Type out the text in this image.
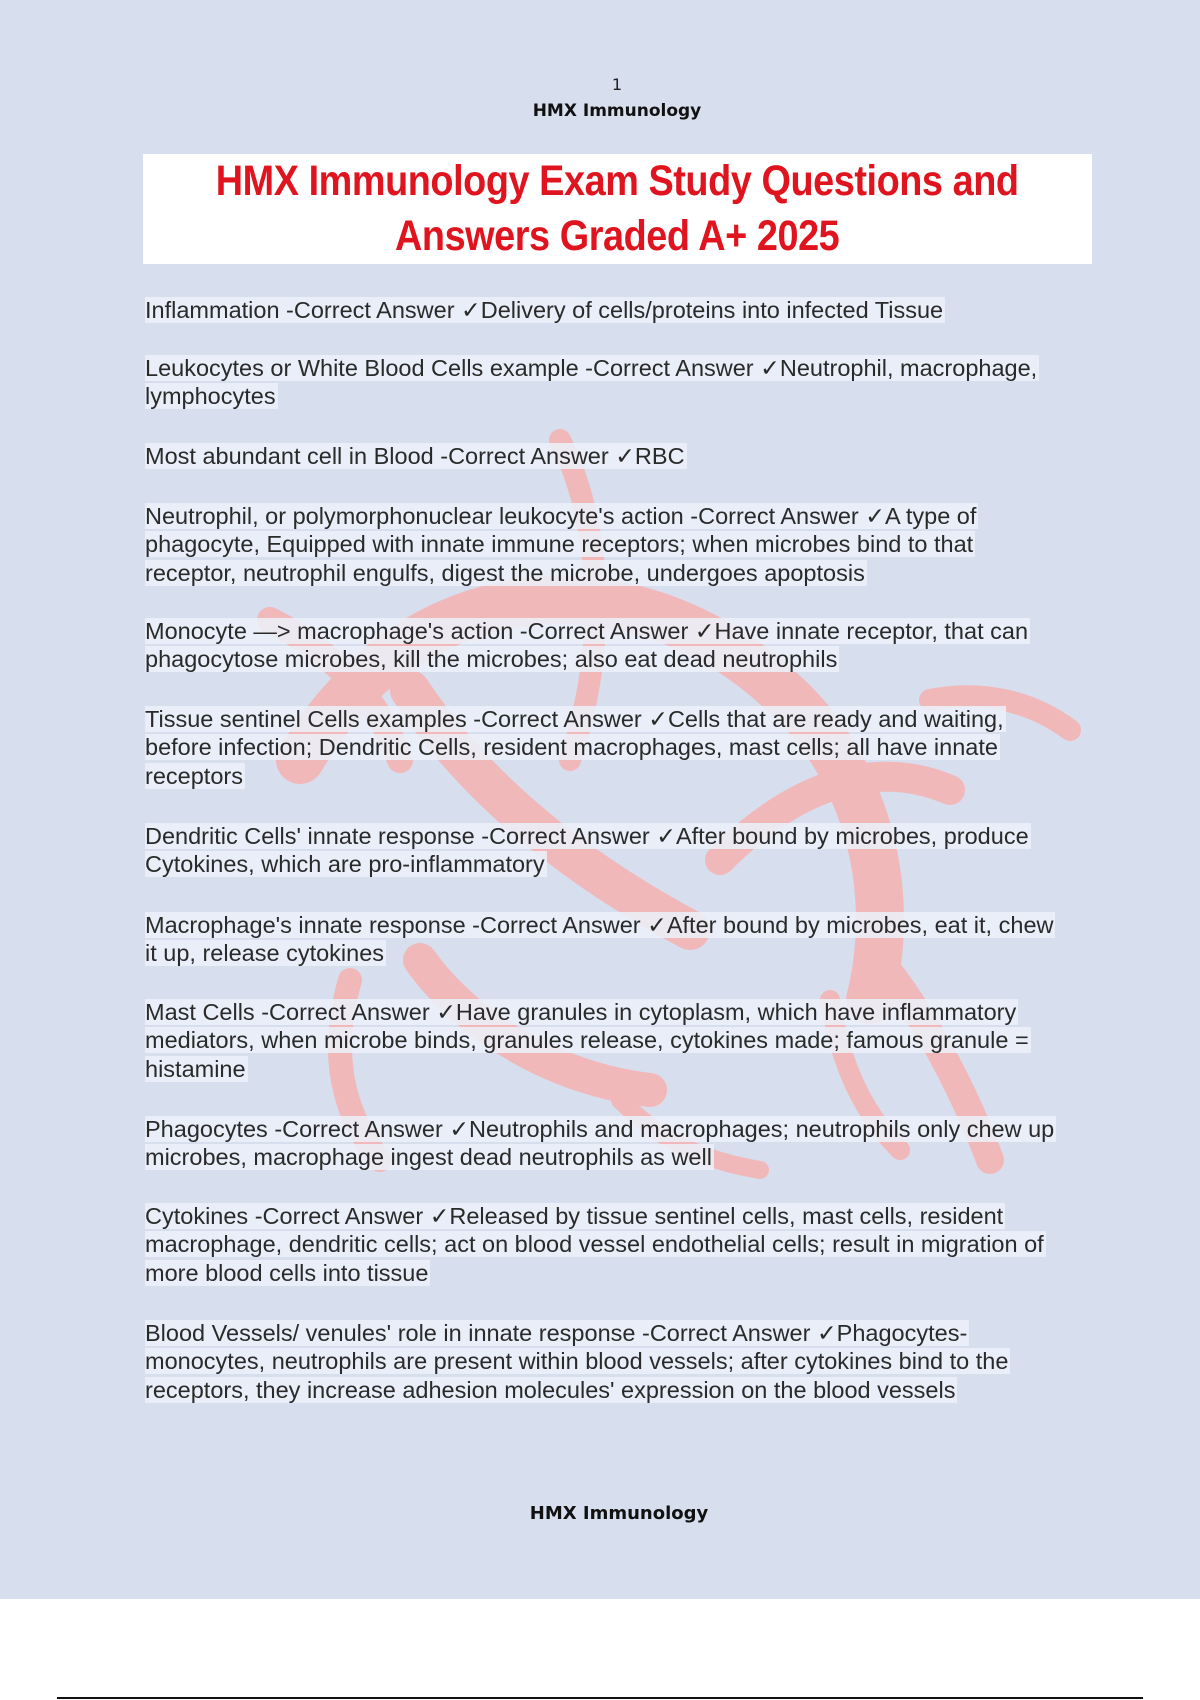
1
HMX Immunology
HMX Immunology Exam Study Questions and
Answers Graded A+ 2025
Inflammation -Correct Answer ✓Delivery of cells/proteins into infected Tissue
Leukocytes or White Blood Cells example -Correct Answer ✓Neutrophil, macrophage,
lymphocytes
Most abundant cell in Blood -Correct Answer ✓RBC
Neutrophil, or polymorphonuclear leukocyte's action -Correct Answer ✓A type of
phagocyte, Equipped with innate immune receptors; when microbes bind to that
receptor, neutrophil engulfs, digest the microbe, undergoes apoptosis
Monocyte —> macrophage's action -Correct Answer ✓Have innate receptor, that can
phagocytose microbes, kill the microbes; also eat dead neutrophils
Tissue sentinel Cells examples -Correct Answer ✓Cells that are ready and waiting,
before infection; Dendritic Cells, resident macrophages, mast cells; all have innate
receptors
Dendritic Cells' innate response -Correct Answer ✓After bound by microbes, produce
Cytokines, which are pro-inflammatory
Macrophage's innate response -Correct Answer ✓After bound by microbes, eat it, chew
it up, release cytokines
Mast Cells -Correct Answer ✓Have granules in cytoplasm, which have inflammatory
mediators, when microbe binds, granules release, cytokines made; famous granule =
histamine
Phagocytes -Correct Answer ✓Neutrophils and macrophages; neutrophils only chew up
microbes, macrophage ingest dead neutrophils as well
Cytokines -Correct Answer ✓Released by tissue sentinel cells, mast cells, resident
macrophage, dendritic cells; act on blood vessel endothelial cells; result in migration of
more blood cells into tissue
Blood Vessels/ venules' role in innate response -Correct Answer ✓Phagocytes-
monocytes, neutrophils are present within blood vessels; after cytokines bind to the
receptors, they increase adhesion molecules' expression on the blood vessels
HMX Immunology
